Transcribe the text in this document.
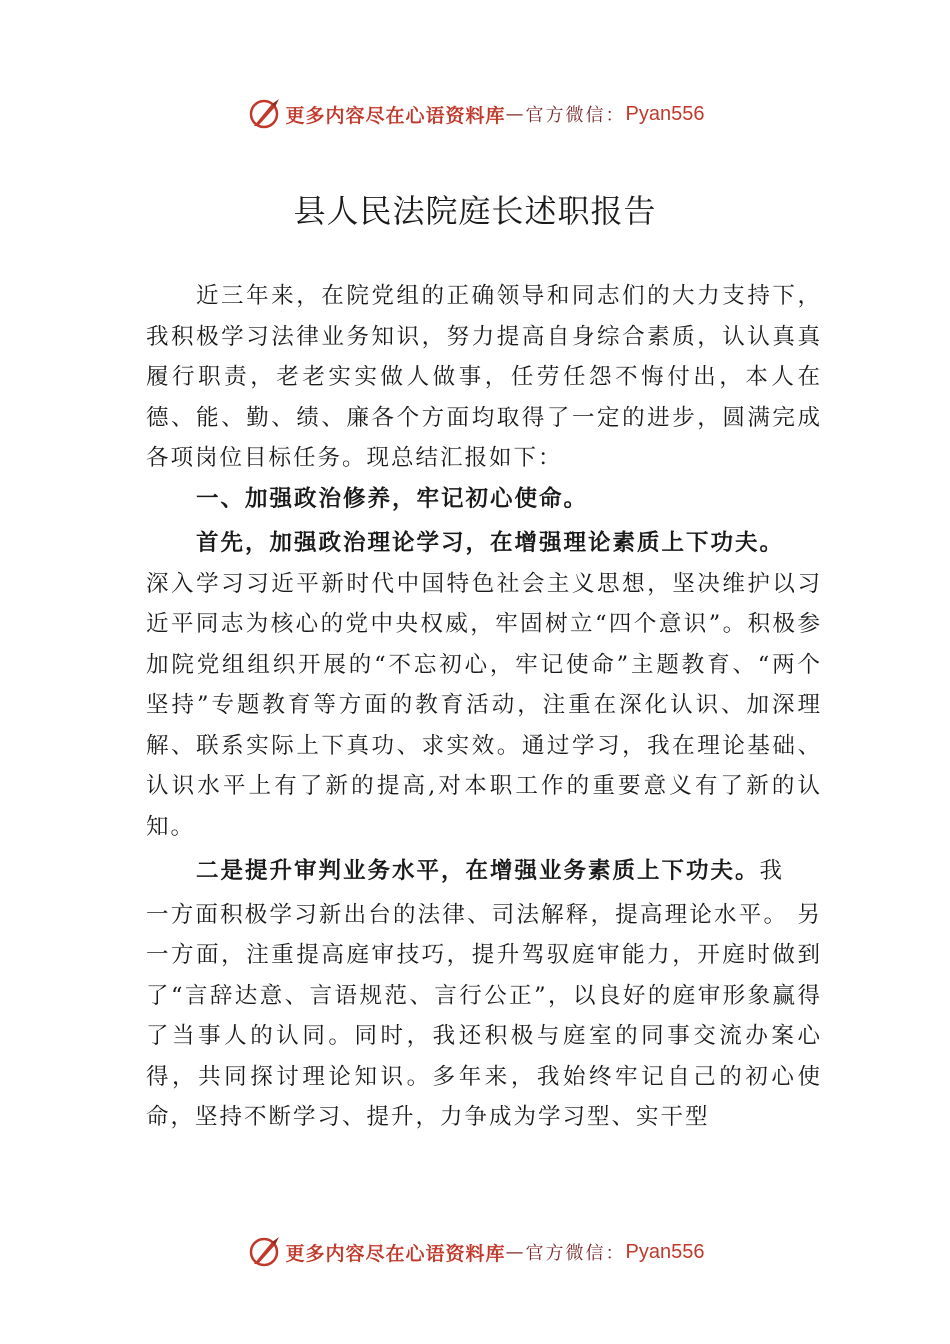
更多内容尽在心语资料库 — 官方微信： Pyan556
县人民法院庭长述职报告

近三年来，在院党组的正确领导和同志们的大力支持下，我积极学习法律业务知识，努力提高自身综合素质，认认真真履行职责，老老实实做人做事，任劳任怨不悔付出，本人在德、能、勤、绩、廉各个方面均取得了一定的进步，圆满完成各项岗位目标任务。现总结汇报如下：

一、加强政治修养，牢记初心使命。

首先，加强政治理论学习，在增强理论素质上下功夫。

深入学习习近平新时代中国特色社会主义思想，坚决维护以习近平同志为核心的党中央权威，牢固树立“四个意识”。积极参加院党组组织开展的“不忘初心，牢记使命”主题教育、“两个坚持”专题教育等方面的教育活动，注重在深化认识、加深理解、联系实际上下真功、求实效。通过学习，我在理论基础、认识水平上有了新的提高,对本职工作的重要意义有了新的认知。

二是提升审判业务水平，在增强业务素质上下功夫。我

一方面积极学习新出台的法律、司法解释，提高理论水平。 另一方面，注重提高庭审技巧，提升驾驭庭审能力，开庭时做到了“言辞达意、言语规范、言行公正”，以良好的庭审形象赢得了当事人的认同。同时，我还积极与庭室的同事交流办案心得，共同探讨理论知识。多年来，我始终牢记自己的初心使命，坚持不断学习、提升，力争成为学习型、实干型

更多内容尽在心语资料库 — 官方微信： Pyan556
